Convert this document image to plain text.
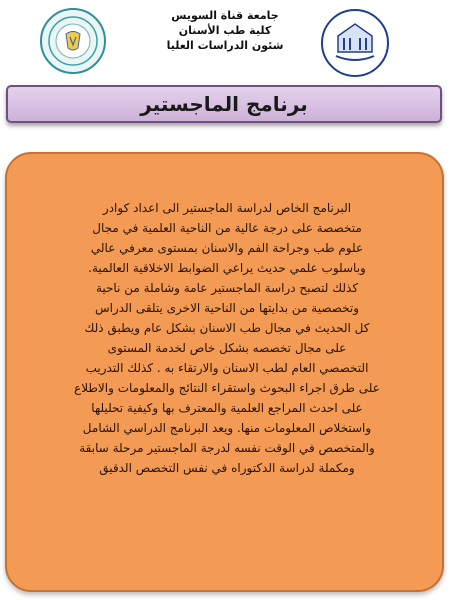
جامعة قناة السويس
كلية طب الأسنان
شئون الدراسات العليا
برنامج الماجستير
البرنامج الخاص لدراسة الماجستير الى اعداد كوادر
متخصصة على درجة عالية من الناحية العلمية في مجال
علوم طب وجراحة الفم والاسنان بمستوى معرفي عالي
وباسلوب علمي حديث يراعي الضوابط الاخلاقية العالمية.
كذلك لتصبح دراسة الماجستير عامة وشاملة من ناحية
وتخصصية من بدايتها من الناحية الاخرى يتلقى الدراس
كل الحديث في مجال طب الاسنان بشكل عام ويطبق ذلك
على مجال تخصصه بشكل خاص لخدمة المستوى
التخصصي العام لطب الاسنان والارتقاء به . كذلك التدريب
على طرق اجراء البحوث واستقراء النتائج والمعلومات والاطلاع
على احدث المراجع العلمية والمعترف بها وكيفية تحليلها
واستخلاص المعلومات منها. ويعد البرنامج الدراسي الشامل
والمتخصص في الوقت نفسه لدرجة الماجستير مرحلة سابقة
ومكملة لدراسة الدكتوراه في نفس التخصص الدقيق
